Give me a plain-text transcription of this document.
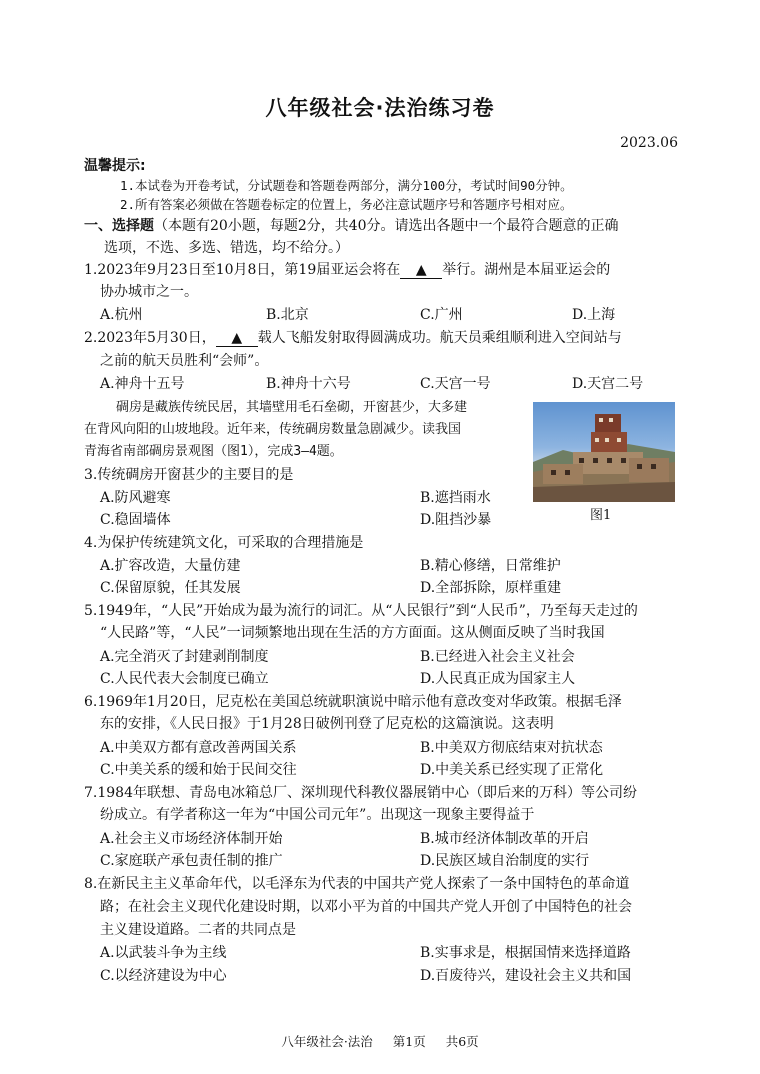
八年级社会·法治练习卷
2023.06
温馨提示:
1.本试卷为开卷考试，分试题卷和答题卷两部分，满分100分，考试时间90分钟。
2.所有答案必须做在答题卷标定的位置上，务必注意试题序号和答题序号相对应。
一、选择题（本题有20小题，每题2分，共40分。请选出各题中一个最符合题意的正确
选项，不选、多选、错选，均不给分。）
1.2023年9月23日至10月8日，第19届亚运会将在 ▲ 举行。湖州是本届亚运会的
协办城市之一。
A.杭州	B.北京	C.广州	D.上海
2.2023年5月30日， ▲ 载人飞船发射取得圆满成功。航天员乘组顺利进入空间站与
之前的航天员胜利“会师”。
A.神舟十五号	B.神舟十六号	C.天宫一号	D.天宫二号
碉房是藏族传统民居，其墙壁用毛石垒砌，开窗甚少，大多建
在背风向阳的山坡地段。近年来，传统碉房数量急剧减少。读我国
青海省南部碉房景观图（图1），完成3—4题。
图1
3.传统碉房开窗甚少的主要目的是
A.防风避寒	B.遮挡雨水
C.稳固墙体	D.阻挡沙暴
4.为保护传统建筑文化，可采取的合理措施是
A.扩容改造，大量仿建	B.精心修缮，日常维护
C.保留原貌，任其发展	D.全部拆除，原样重建
5.1949年，“人民”开始成为最为流行的词汇。从“人民银行”到“人民币”，乃至每天走过的
“人民路”等，“人民”一词频繁地出现在生活的方方面面。这从侧面反映了当时我国
A.完全消灭了封建剥削制度	B.已经进入社会主义社会
C.人民代表大会制度已确立	D.人民真正成为国家主人
6.1969年1月20日，尼克松在美国总统就职演说中暗示他有意改变对华政策。根据毛泽
东的安排，《人民日报》于1月28日破例刊登了尼克松的这篇演说。这表明
A.中美双方都有意改善两国关系	B.中美双方彻底结束对抗状态
C.中美关系的缓和始于民间交往	D.中美关系已经实现了正常化
7.1984年联想、青岛电冰箱总厂、深圳现代科教仪器展销中心（即后来的万科）等公司纷
纷成立。有学者称这一年为“中国公司元年”。出现这一现象主要得益于
A.社会主义市场经济体制开始	B.城市经济体制改革的开启
C.家庭联产承包责任制的推广	D.民族区域自治制度的实行
8.在新民主主义革命年代，以毛泽东为代表的中国共产党人探索了一条中国特色的革命道
路；在社会主义现代化建设时期，以邓小平为首的中国共产党人开创了中国特色的社会
主义建设道路。二者的共同点是
A.以武装斗争为主线	B.实事求是，根据国情来选择道路
C.以经济建设为中心	D.百废待兴，建设社会主义共和国
八年级社会·法治 第1页 共6页
